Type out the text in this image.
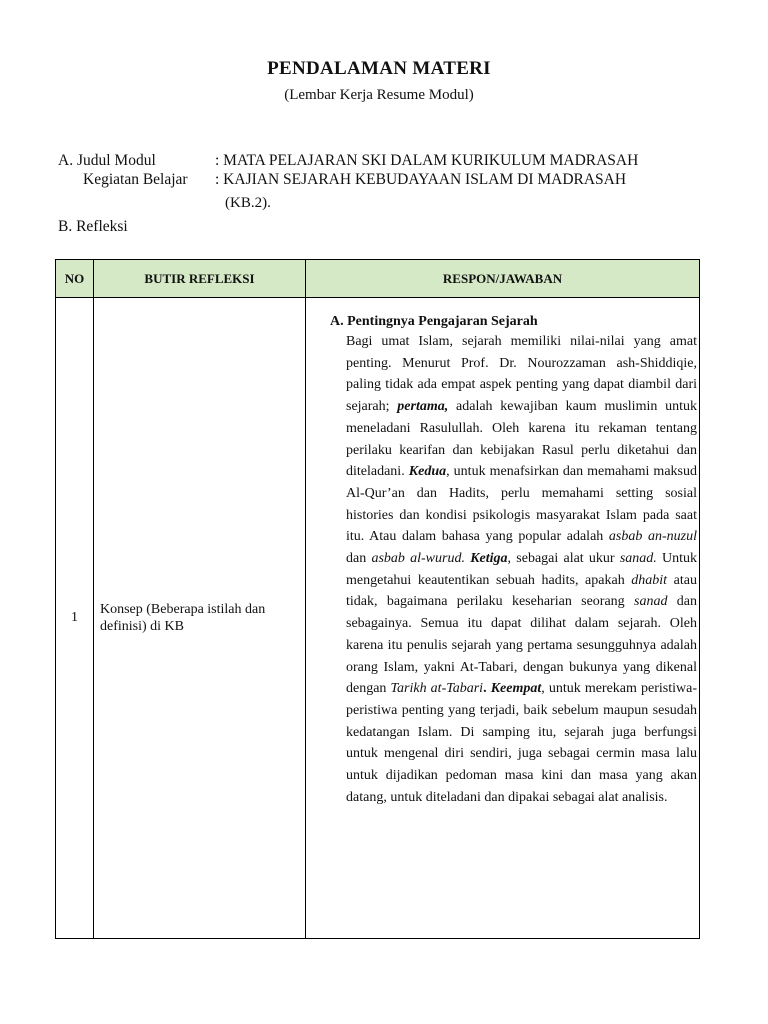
PENDALAMAN MATERI
(Lembar Kerja Resume Modul)
A. Judul Modul	: MATA PELAJARAN SKI DALAM KURIKULUM MADRASAH
Kegiatan Belajar : KAJIAN SEJARAH KEBUDAYAAN ISLAM DI MADRASAH
(KB.2).
B. Refleksi
NO	BUTIR REFLEKSI	RESPON/JAWABAN
1	Konsep (Beberapa istilah dan definisi) di KB	A. Pentingnya Pengajaran Sejarah
Bagi umat Islam, sejarah memiliki nilai-nilai yang amat penting. Menurut Prof. Dr. Nourozzaman ash-Shiddiqie, paling tidak ada empat aspek penting yang dapat diambil dari sejarah; pertama, adalah kewajiban kaum muslimin untuk meneladani Rasulullah. Oleh karena itu rekaman tentang perilaku kearifan dan kebijakan Rasul perlu diketahui dan diteladani. Kedua, untuk menafsirkan dan memahami maksud Al-Qur’an dan Hadits, perlu memahami setting sosial histories dan kondisi psikologis masyarakat Islam pada saat itu. Atau dalam bahasa yang popular adalah asbab an-nuzul dan asbab al-wurud. Ketiga, sebagai alat ukur sanad. Untuk mengetahui keautentikan sebuah hadits, apakah dhabit atau tidak, bagaimana perilaku keseharian seorang sanad dan sebagainya. Semua itu dapat dilihat dalam sejarah. Oleh karena itu penulis sejarah yang pertama sesungguhnya adalah orang Islam, yakni At-Tabari, dengan bukunya yang dikenal dengan Tarikh at-Tabari. Keempat, untuk merekam peristiwa-peristiwa penting yang terjadi, baik sebelum maupun sesudah kedatangan Islam. Di samping itu, sejarah juga berfungsi untuk mengenal diri sendiri, juga sebagai cermin masa lalu untuk dijadikan pedoman masa kini dan masa yang akan datang, untuk diteladani dan dipakai sebagai alat analisis.
